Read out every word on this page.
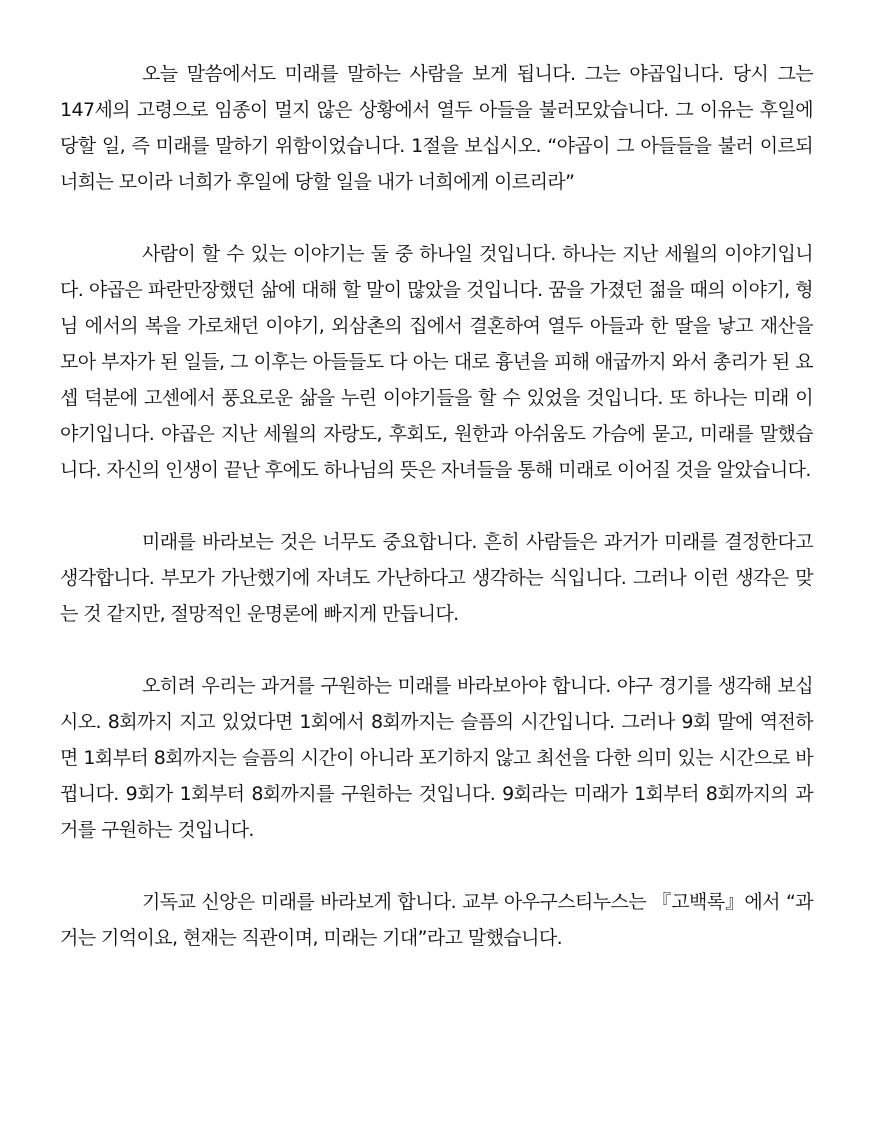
오늘 말씀에서도 미래를 말하는 사람을 보게 됩니다. 그는 야곱입니다. 당시 그는 147세의 고령으로 임종이 멀지 않은 상황에서 열두 아들을 불러모았습니다. 그 이유는 후일에 당할 일, 즉 미래를 말하기 위함이었습니다. 1절을 보십시오. “야곱이 그 아들들을 불러 이르되 너희는 모이라 너희가 후일에 당할 일을 내가 너희에게 이르리라”

사람이 할 수 있는 이야기는 둘 중 하나일 것입니다. 하나는 지난 세월의 이야기입니다. 야곱은 파란만장했던 삶에 대해 할 말이 많았을 것입니다. 꿈을 가졌던 젊을 때의 이야기, 형님 에서의 복을 가로채던 이야기, 외삼촌의 집에서 결혼하여 열두 아들과 한 딸을 낳고 재산을 모아 부자가 된 일들, 그 이후는 아들들도 다 아는 대로 흉년을 피해 애굽까지 와서 총리가 된 요셉 덕분에 고센에서 풍요로운 삶을 누린 이야기들을 할 수 있었을 것입니다. 또 하나는 미래 이야기입니다. 야곱은 지난 세월의 자랑도, 후회도, 원한과 아쉬움도 가슴에 묻고, 미래를 말했습니다. 자신의 인생이 끝난 후에도 하나님의 뜻은 자녀들을 통해 미래로 이어질 것을 알았습니다.

미래를 바라보는 것은 너무도 중요합니다. 흔히 사람들은 과거가 미래를 결정한다고 생각합니다. 부모가 가난했기에 자녀도 가난하다고 생각하는 식입니다. 그러나 이런 생각은 맞는 것 같지만, 절망적인 운명론에 빠지게 만듭니다.

오히려 우리는 과거를 구원하는 미래를 바라보아야 합니다. 야구 경기를 생각해 보십시오. 8회까지 지고 있었다면 1회에서 8회까지는 슬픔의 시간입니다. 그러나 9회 말에 역전하면 1회부터 8회까지는 슬픔의 시간이 아니라 포기하지 않고 최선을 다한 의미 있는 시간으로 바뀝니다. 9회가 1회부터 8회까지를 구원하는 것입니다. 9회라는 미래가 1회부터 8회까지의 과거를 구원하는 것입니다.

기독교 신앙은 미래를 바라보게 합니다. 교부 아우구스티누스는 『고백록』에서 “과거는 기억이요, 현재는 직관이며, 미래는 기대”라고 말했습니다.
